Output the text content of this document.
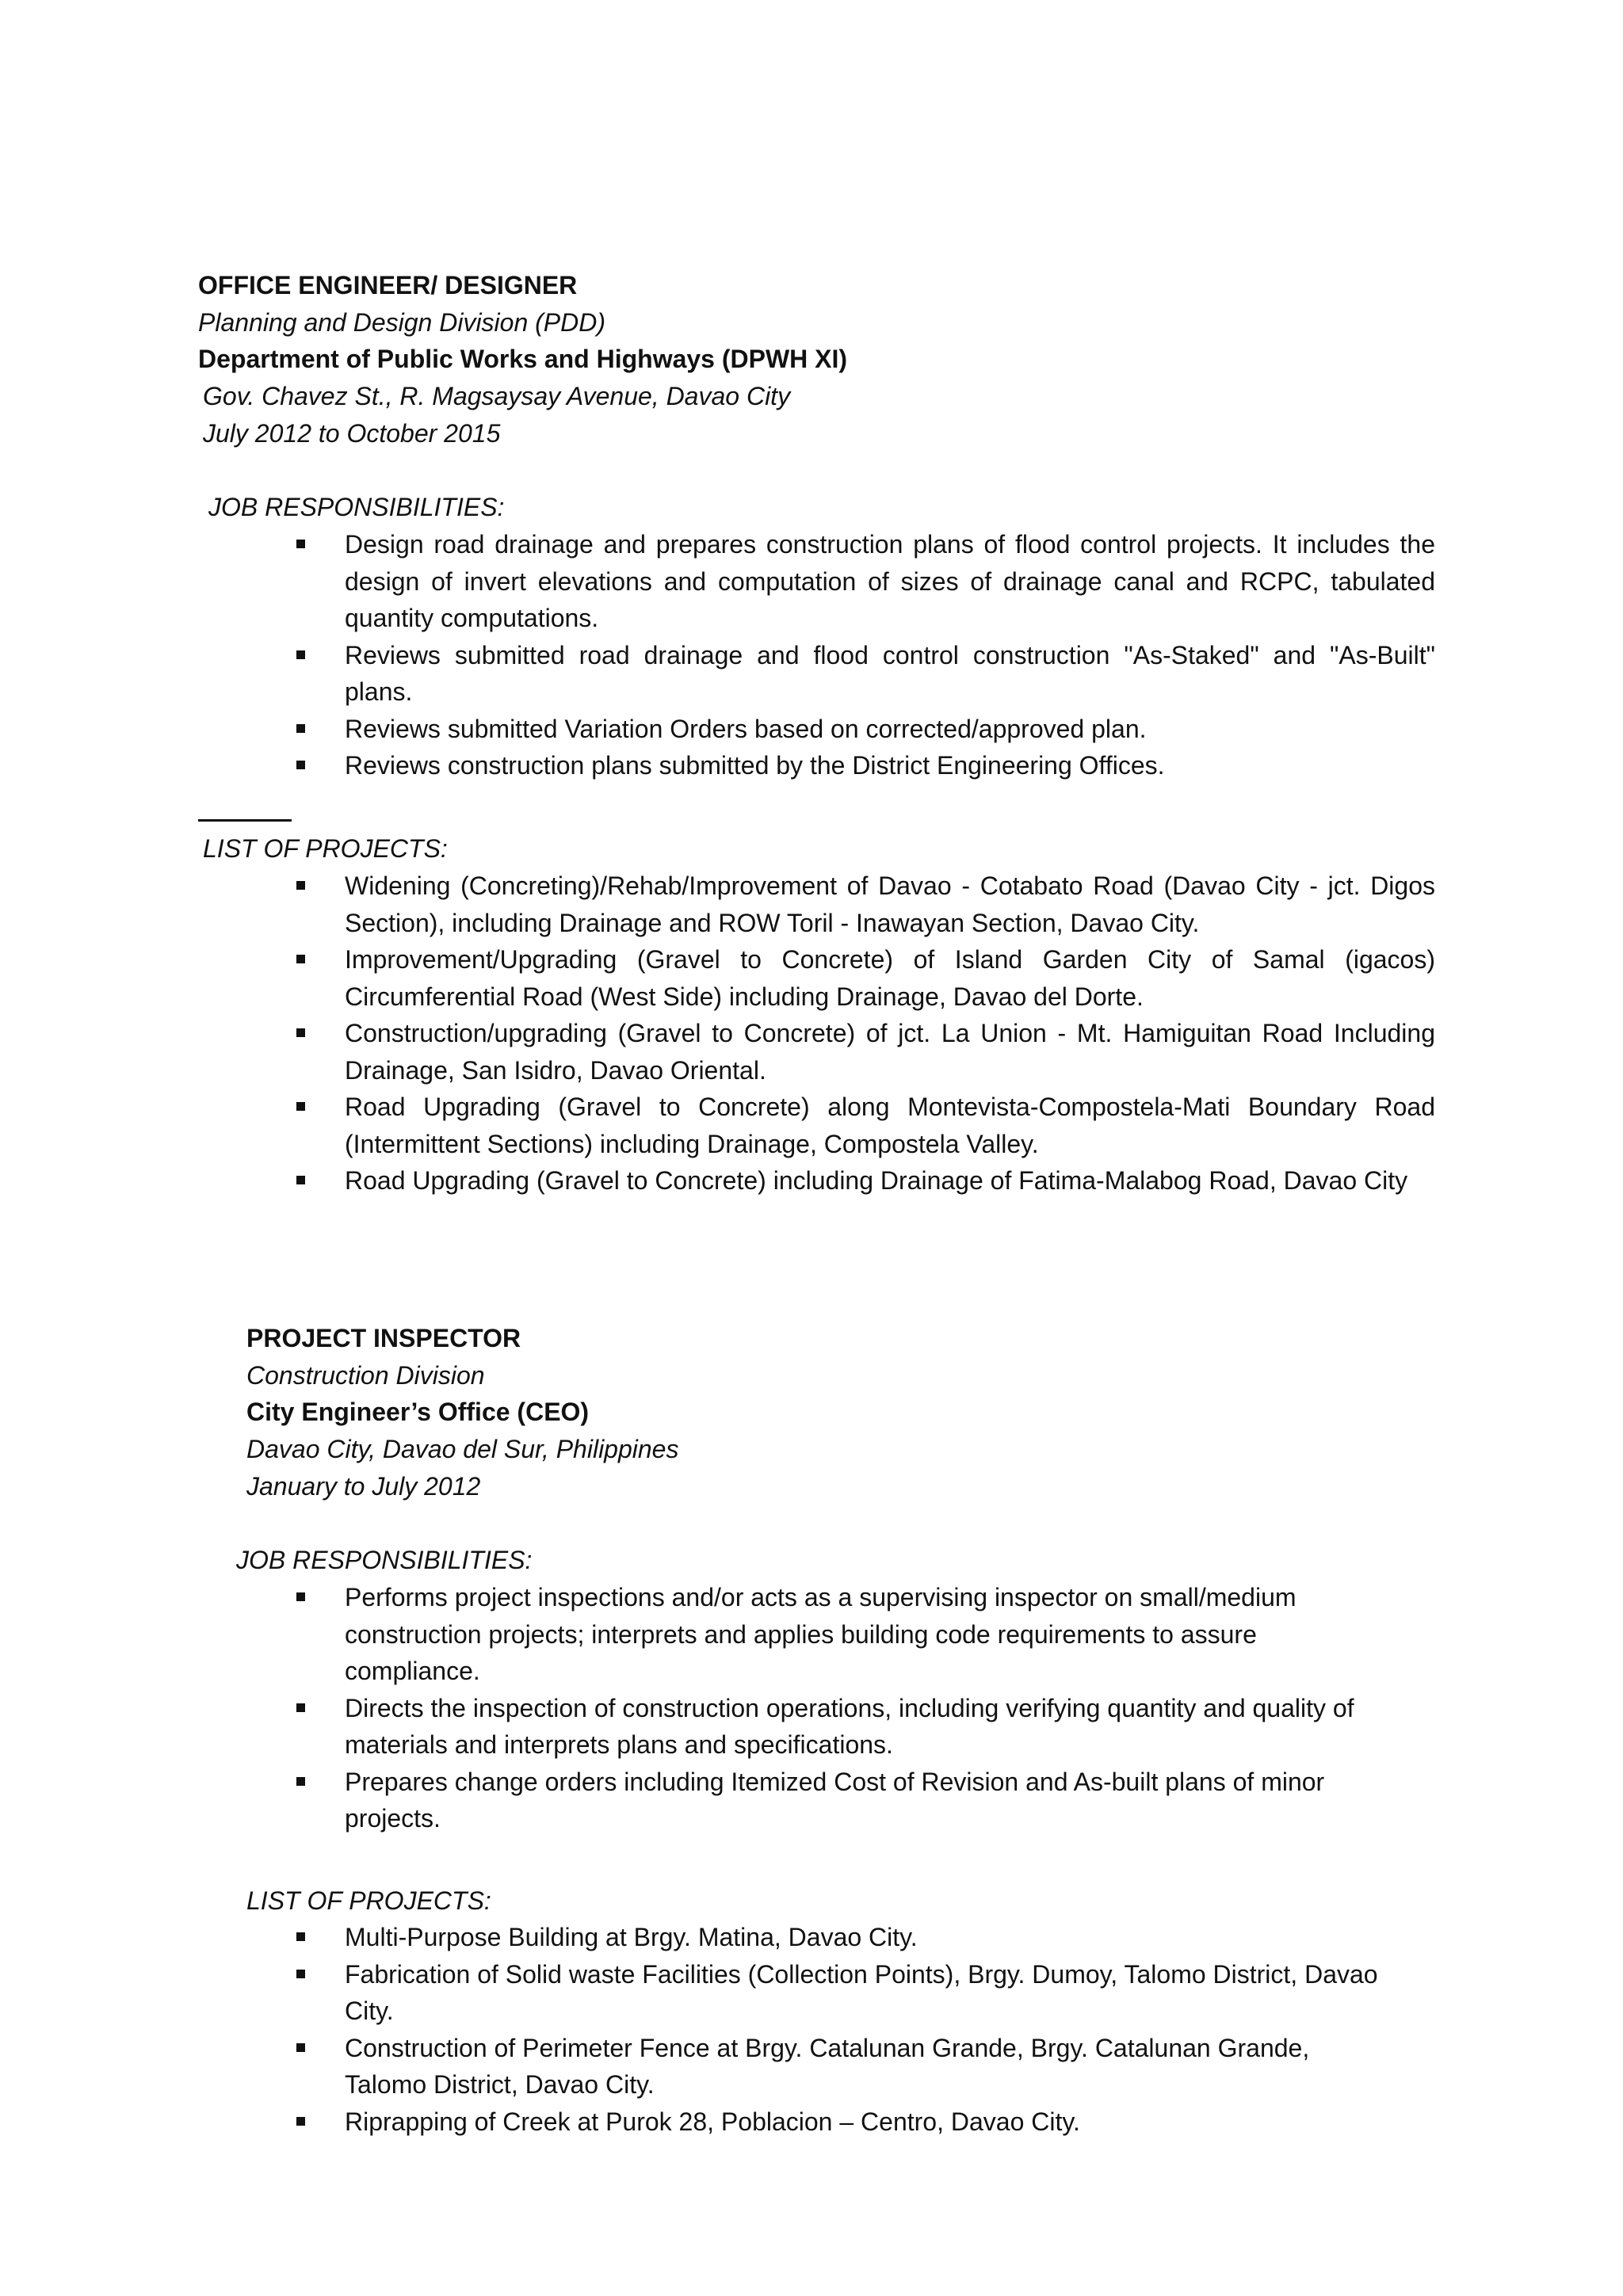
OFFICE ENGINEER/ DESIGNER
Planning and Design Division (PDD)
Department of Public Works and Highways (DPWH XI)
Gov. Chavez St., R. Magsaysay Avenue, Davao City
July 2012 to October 2015
JOB RESPONSIBILITIES:
Design road drainage and prepares construction plans of flood control projects. It includes the design of invert elevations and computation of sizes of drainage canal and RCPC, tabulated quantity computations.
Reviews submitted road drainage and flood control construction "As-Staked" and "As-Built" plans.
Reviews submitted Variation Orders based on corrected/approved plan.
Reviews construction plans submitted by the District Engineering Offices.
LIST OF PROJECTS:
Widening (Concreting)/Rehab/Improvement of Davao - Cotabato Road (Davao City - jct. Digos Section), including Drainage and ROW Toril - Inawayan Section, Davao City.
Improvement/Upgrading (Gravel to Concrete) of Island Garden City of Samal (igacos) Circumferential Road (West Side) including Drainage, Davao del Dorte.
Construction/upgrading (Gravel to Concrete) of jct. La Union - Mt. Hamiguitan Road Including Drainage, San Isidro, Davao Oriental.
Road Upgrading (Gravel to Concrete) along Montevista-Compostela-Mati Boundary Road (Intermittent Sections) including Drainage, Compostela Valley.
Road Upgrading (Gravel to Concrete) including Drainage of Fatima-Malabog Road, Davao City
PROJECT INSPECTOR
Construction Division
City Engineer’s Office (CEO)
Davao City, Davao del Sur, Philippines
January to July 2012
JOB RESPONSIBILITIES:
Performs project inspections and/or acts as a supervising inspector on small/medium construction projects; interprets and applies building code requirements to assure compliance.
Directs the inspection of construction operations, including verifying quantity and quality of materials and interprets plans and specifications.
Prepares change orders including Itemized Cost of Revision and As-built plans of minor projects.
LIST OF PROJECTS:
Multi-Purpose Building at Brgy. Matina, Davao City.
Fabrication of Solid waste Facilities (Collection Points), Brgy. Dumoy, Talomo District, Davao City.
Construction of Perimeter Fence at Brgy. Catalunan Grande, Brgy. Catalunan Grande, Talomo District, Davao City.
Riprapping of Creek at Purok 28, Poblacion – Centro, Davao City.
